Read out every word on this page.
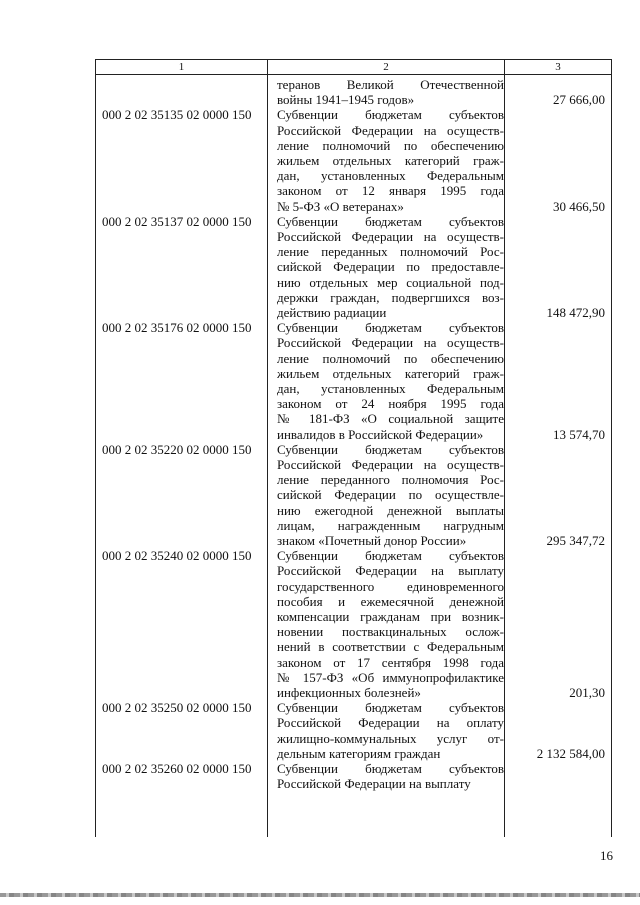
1	2	3
теранов Великой Отечественной
войны 1941–1945 годов»	27 666,00
000 2 02 35135 02 0000 150	Субвенции бюджетам субъектов
Российской Федерации на осуществ-
ление полномочий по обеспечению
жильем отдельных категорий граж-
дан, установленных Федеральным
законом от 12 января 1995 года
№ 5-ФЗ «О ветеранах»	30 466,50
000 2 02 35137 02 0000 150	Субвенции бюджетам субъектов
Российской Федерации на осуществ-
ление переданных полномочий Рос-
сийской Федерации по предоставле-
нию отдельных мер социальной под-
держки граждан, подвергшихся воз-
действию радиации	148 472,90
000 2 02 35176 02 0000 150	Субвенции бюджетам субъектов
Российской Федерации на осуществ-
ление полномочий по обеспечению
жильем отдельных категорий граж-
дан, установленных Федеральным
законом от 24 ноября 1995 года
№ 181-ФЗ «О социальной защите
инвалидов в Российской Федерации»	13 574,70
000 2 02 35220 02 0000 150	Субвенции бюджетам субъектов
Российской Федерации на осуществ-
ление переданного полномочия Рос-
сийской Федерации по осуществле-
нию ежегодной денежной выплаты
лицам, награжденным нагрудным
знаком «Почетный донор России»	295 347,72
000 2 02 35240 02 0000 150	Субвенции бюджетам субъектов
Российской Федерации на выплату
государственного единовременного
пособия и ежемесячной денежной
компенсации гражданам при возник-
новении поствакцинальных ослож-
нений в соответствии с Федеральным
законом от 17 сентября 1998 года
№ 157-ФЗ «Об иммунопрофилактике
инфекционных болезней»	201,30
000 2 02 35250 02 0000 150	Субвенции бюджетам субъектов
Российской Федерации на оплату
жилищно-коммунальных услуг от-
дельным категориям граждан	2 132 584,00
000 2 02 35260 02 0000 150	Субвенции бюджетам субъектов
Российской Федерации на выплату
16
